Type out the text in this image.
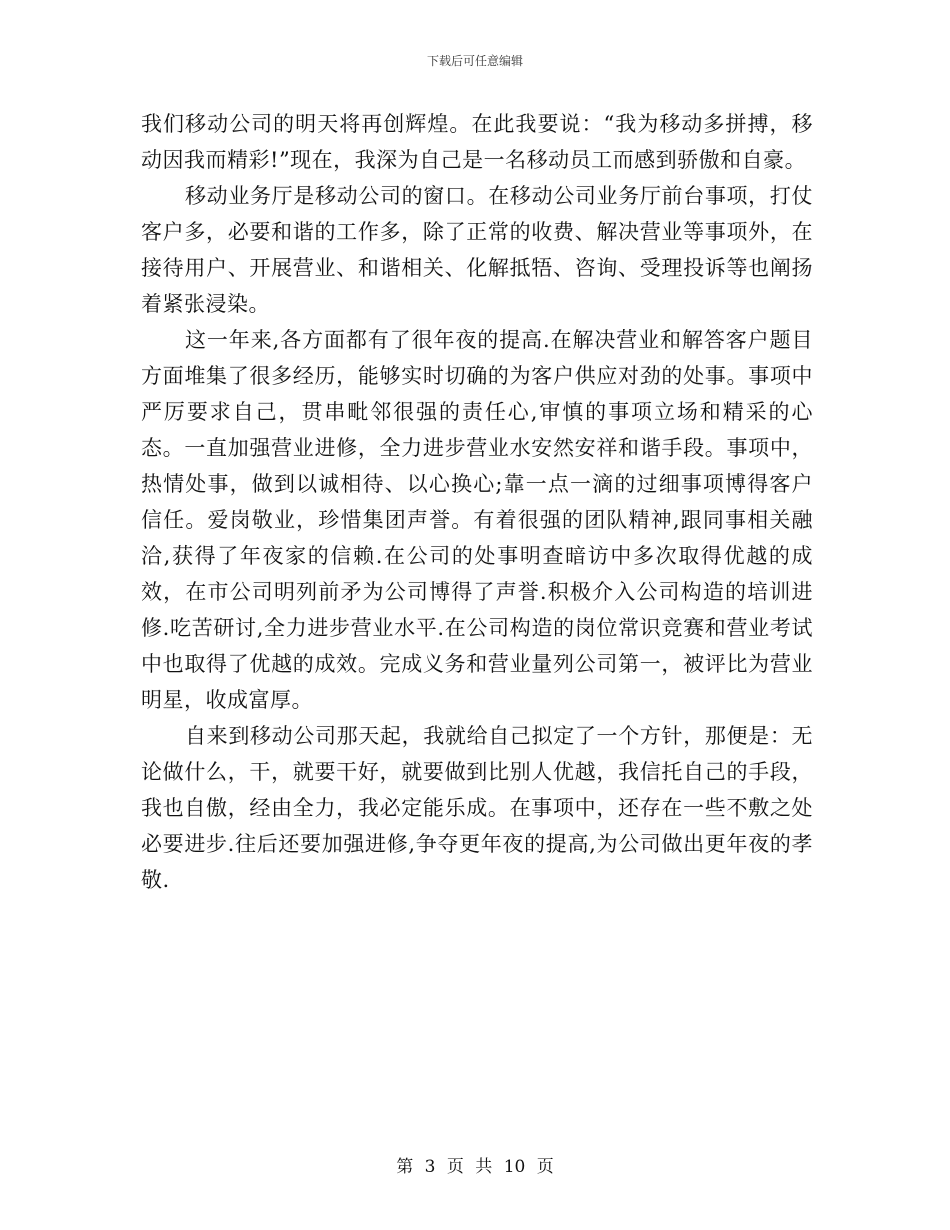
下载后可任意编辑

我们移动公司的明天将再创辉煌。在此我要说：“我为移动多拼搏，移动因我而精彩!”现在，我深为自己是一名移动员工而感到骄傲和自豪。

移动业务厅是移动公司的窗口。在移动公司业务厅前台事项，打仗客户多，必要和谐的工作多，除了正常的收费、解决营业等事项外，在接待用户、开展营业、和谐相关、化解抵牾、咨询、受理投诉等也阐扬着紧张浸染。

这一年来,各方面都有了很年夜的提高.在解决营业和解答客户题目方面堆集了很多经历，能够实时切确的为客户供应对劲的处事。事项中严厉要求自己，贯串毗邻很强的责任心,审慎的事项立场和精采的心态。一直加强营业进修，全力进步营业水安然安祥和谐手段。事项中，热情处事，做到以诚相待、以心换心;靠一点一滴的过细事项博得客户信任。爱岗敬业，珍惜集团声誉。有着很强的团队精神,跟同事相关融洽,获得了年夜家的信赖.在公司的处事明查暗访中多次取得优越的成效，在市公司明列前矛为公司博得了声誉.积极介入公司构造的培训进修.吃苦研讨,全力进步营业水平.在公司构造的岗位常识竞赛和营业考试中也取得了优越的成效。完成义务和营业量列公司第一，被评比为营业明星，收成富厚。

自来到移动公司那天起，我就给自己拟定了一个方针，那便是：无论做什么，干，就要干好，就要做到比别人优越，我信托自己的手段，我也自傲，经由全力，我必定能乐成。在事项中，还存在一些不敷之处必要进步.往后还要加强进修,争夺更年夜的提高,为公司做出更年夜的孝敬.

第 3 页 共 10 页
